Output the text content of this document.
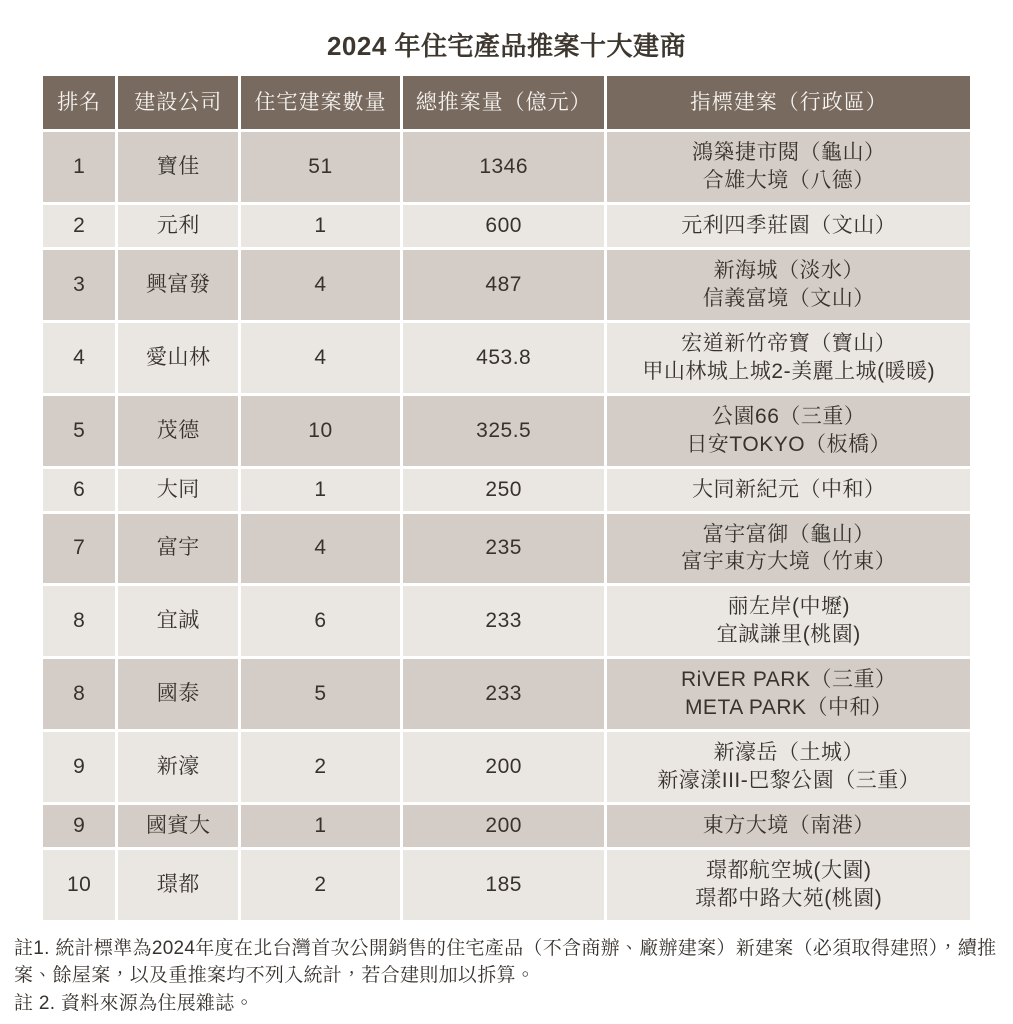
2024 年住宅產品推案十大建商
排名	建設公司	住宅建案數量	總推案量（億元）	指標建案（行政區）
1	寶佳	51	1346	鴻築捷市閱（龜山）
合雄大境（八德）

2	元利	1	600	元利四季莊園（文山）

3	興富發	4	487	新海城（淡水）
信義富境（文山）

4	愛山林	4	453.8	宏道新竹帝寶（寶山）
甲山林城上城2-美麗上城(暖暖)

5	茂德	10	325.5	公園66（三重）
日安TOKYO（板橋）

6	大同	1	250	大同新紀元（中和）

7	富宇	4	235	富宇富御（龜山）
富宇東方大境（竹東）

8	宜誠	6	233	丽左岸(中壢)
宜誠謙里(桃園)

8	國泰	5	233	RiVER PARK（三重）
META PARK（中和）

9	新濠	2	200	新濠岳（土城）
新濠漾III-巴黎公園（三重）

9	國賓大	1	200	東方大境（南港）

10	璟都	2	185	璟都航空城(大園)
璟都中路大苑(桃園)

註1. 統計標準為2024年度在北台灣首次公開銷售的住宅產品（不含商辦、廠辦建案）新建案（必須取得建照），續推案、餘屋案，以及重推案均不列入統計，若合建則加以拆算。

註 2. 資料來源為住展雜誌。
